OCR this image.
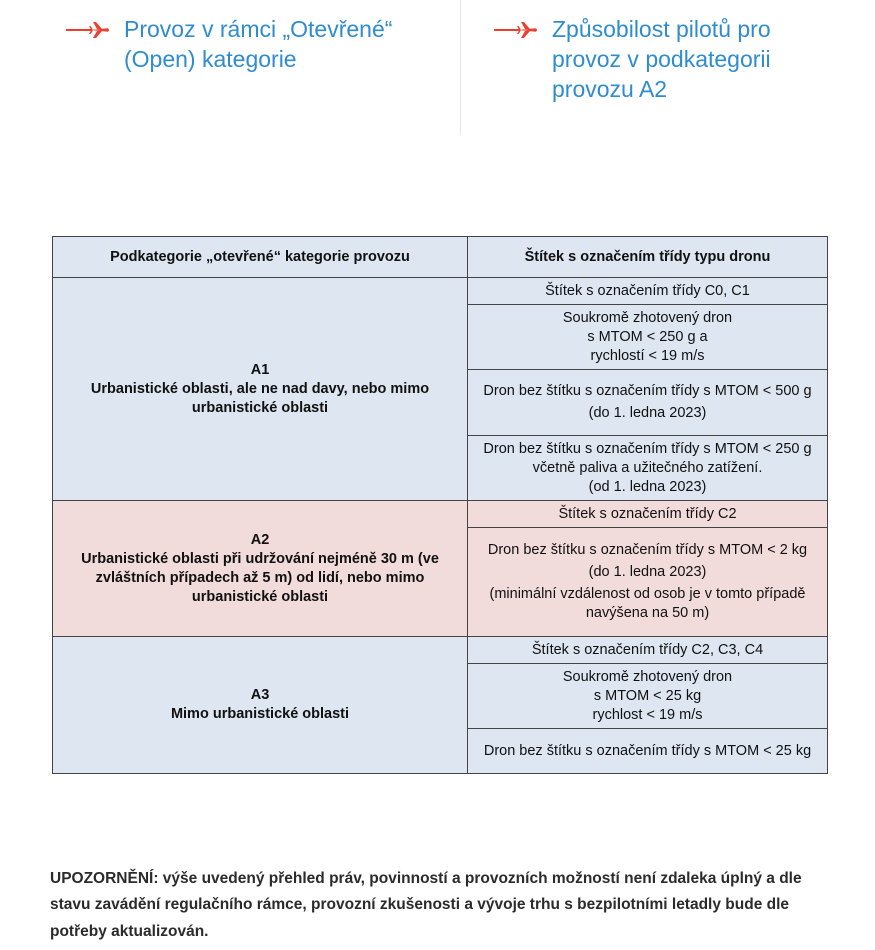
Provoz v rámci „Otevřené“ (Open) kategorie
Způsobilost pilotů pro provoz v podkategorii provozu A2
Podkategorie „otevřené“ kategorie provozu	Štítek s označením třídy typu dronu

A1
Urbanistické oblasti, ale ne nad davy, nebo mimo urbanistické oblasti	Štítek s označením třídy C0, C1

	Soukromě zhotovený dron
s MTOM < 250 g a
rychlostí < 19 m/s

	Dron bez štítku s označením třídy s MTOM < 500 g
(do 1. ledna 2023)

	Dron bez štítku s označením třídy s MTOM < 250 g včetně paliva a užitečného zatížení.
(od 1. ledna 2023)

A2
Urbanistické oblasti při udržování nejméně 30 m (ve zvláštních případech až 5 m) od lidí, nebo mimo urbanistické oblasti	Štítek s označením třídy C2

	Dron bez štítku s označením třídy s MTOM < 2 kg
(do 1. ledna 2023)
(minimální vzdálenost od osob je v tomto případě navýšena na 50 m)

A3
Mimo urbanistické oblasti	Štítek s označením třídy C2, C3, C4

	Soukromě zhotovený dron
s MTOM < 25 kg
rychlost < 19 m/s

	Dron bez štítku s označením třídy s MTOM < 25 kg

UPOZORNĚNÍ: výše uvedený přehled práv, povinností a provozních možností není zdaleka úplný a dle stavu zavádění regulačního rámce, provozní zkušenosti a vývoje trhu s bezpilotními letadly bude dle potřeby aktualizován.
